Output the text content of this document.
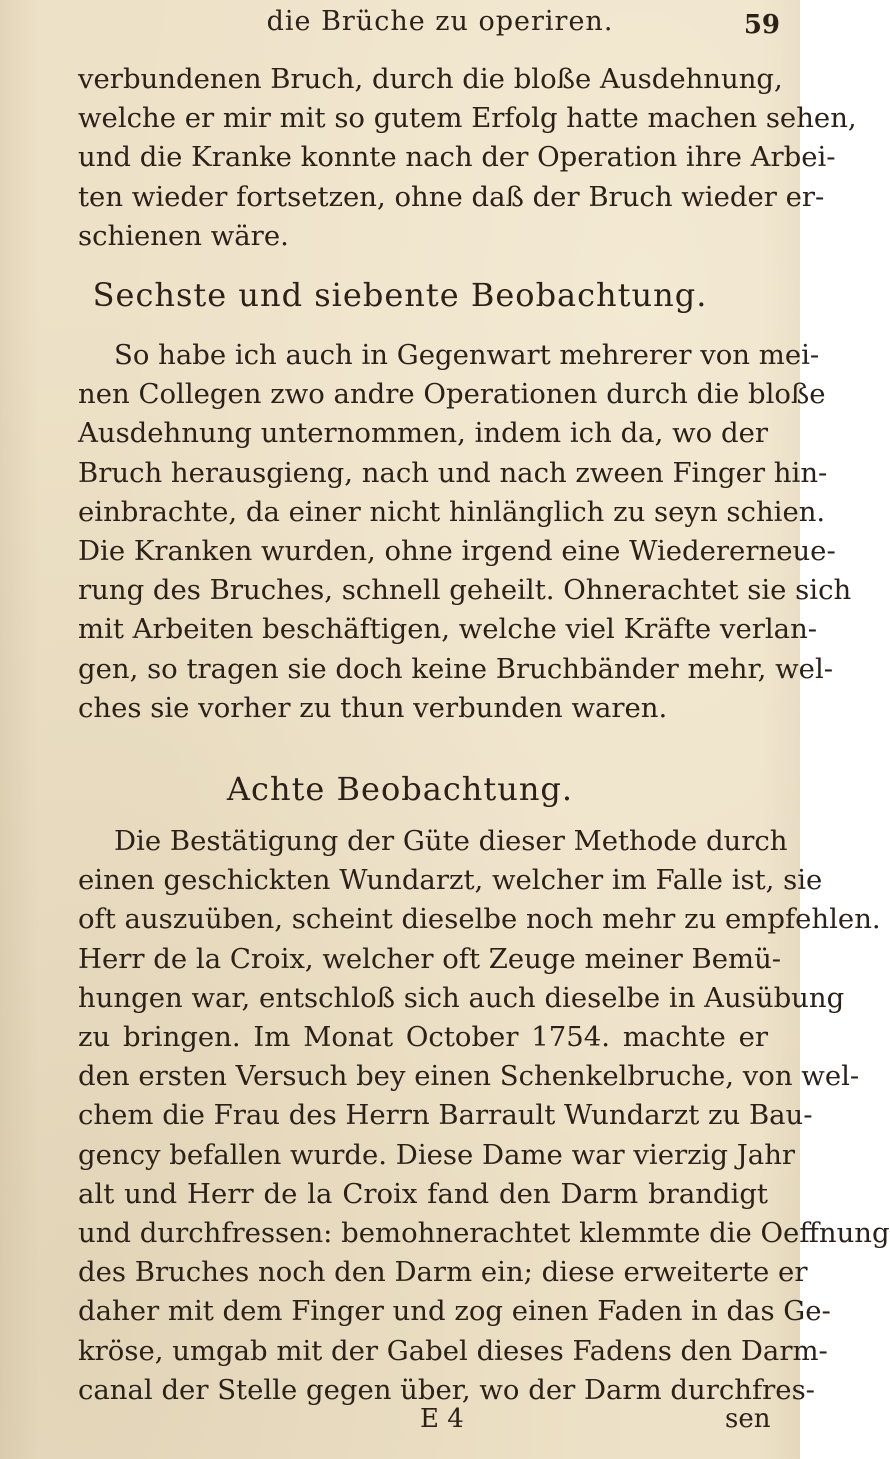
die Brüche zu operiren.	59
verbundenen Bruch, durch die bloße Ausdehnung,
welche er mir mit so gutem Erfolg hatte machen sehen,
und die Kranke konnte nach der Operation ihre Arbei-
ten wieder fortsetzen, ohne daß der Bruch wieder er-
schienen wäre.
Sechste und siebente Beobachtung.
So habe ich auch in Gegenwart mehrerer von mei-
nen Collegen zwo andre Operationen durch die bloße
Ausdehnung unternommen, indem ich da, wo der
Bruch herausgieng, nach und nach zween Finger hin-
einbrachte, da einer nicht hinlänglich zu seyn schien.
Die Kranken wurden, ohne irgend eine Wiedererneue-
rung des Bruches, schnell geheilt. Ohnerachtet sie sich
mit Arbeiten beschäftigen, welche viel Kräfte verlan-
gen, so tragen sie doch keine Bruchbänder mehr, wel-
ches sie vorher zu thun verbunden waren.
Achte Beobachtung.
Die Bestätigung der Güte dieser Methode durch
einen geschickten Wundarzt, welcher im Falle ist, sie
oft auszuüben, scheint dieselbe noch mehr zu empfehlen.
Herr de la Croix, welcher oft Zeuge meiner Bemü-
hungen war, entschloß sich auch dieselbe in Ausübung
zu bringen. Im Monat October 1754. machte er
den ersten Versuch bey einen Schenkelbruche, von wel-
chem die Frau des Herrn Barrault Wundarzt zu Bau-
gency befallen wurde. Diese Dame war vierzig Jahr
alt und Herr de la Croix fand den Darm brandigt
und durchfressen: bemohnerachtet klemmte die Oeffnung
des Bruches noch den Darm ein; diese erweiterte er
daher mit dem Finger und zog einen Faden in das Ge-
kröse, umgab mit der Gabel dieses Fadens den Darm-
canal der Stelle gegen über, wo der Darm durchfres-
E 4	sen
